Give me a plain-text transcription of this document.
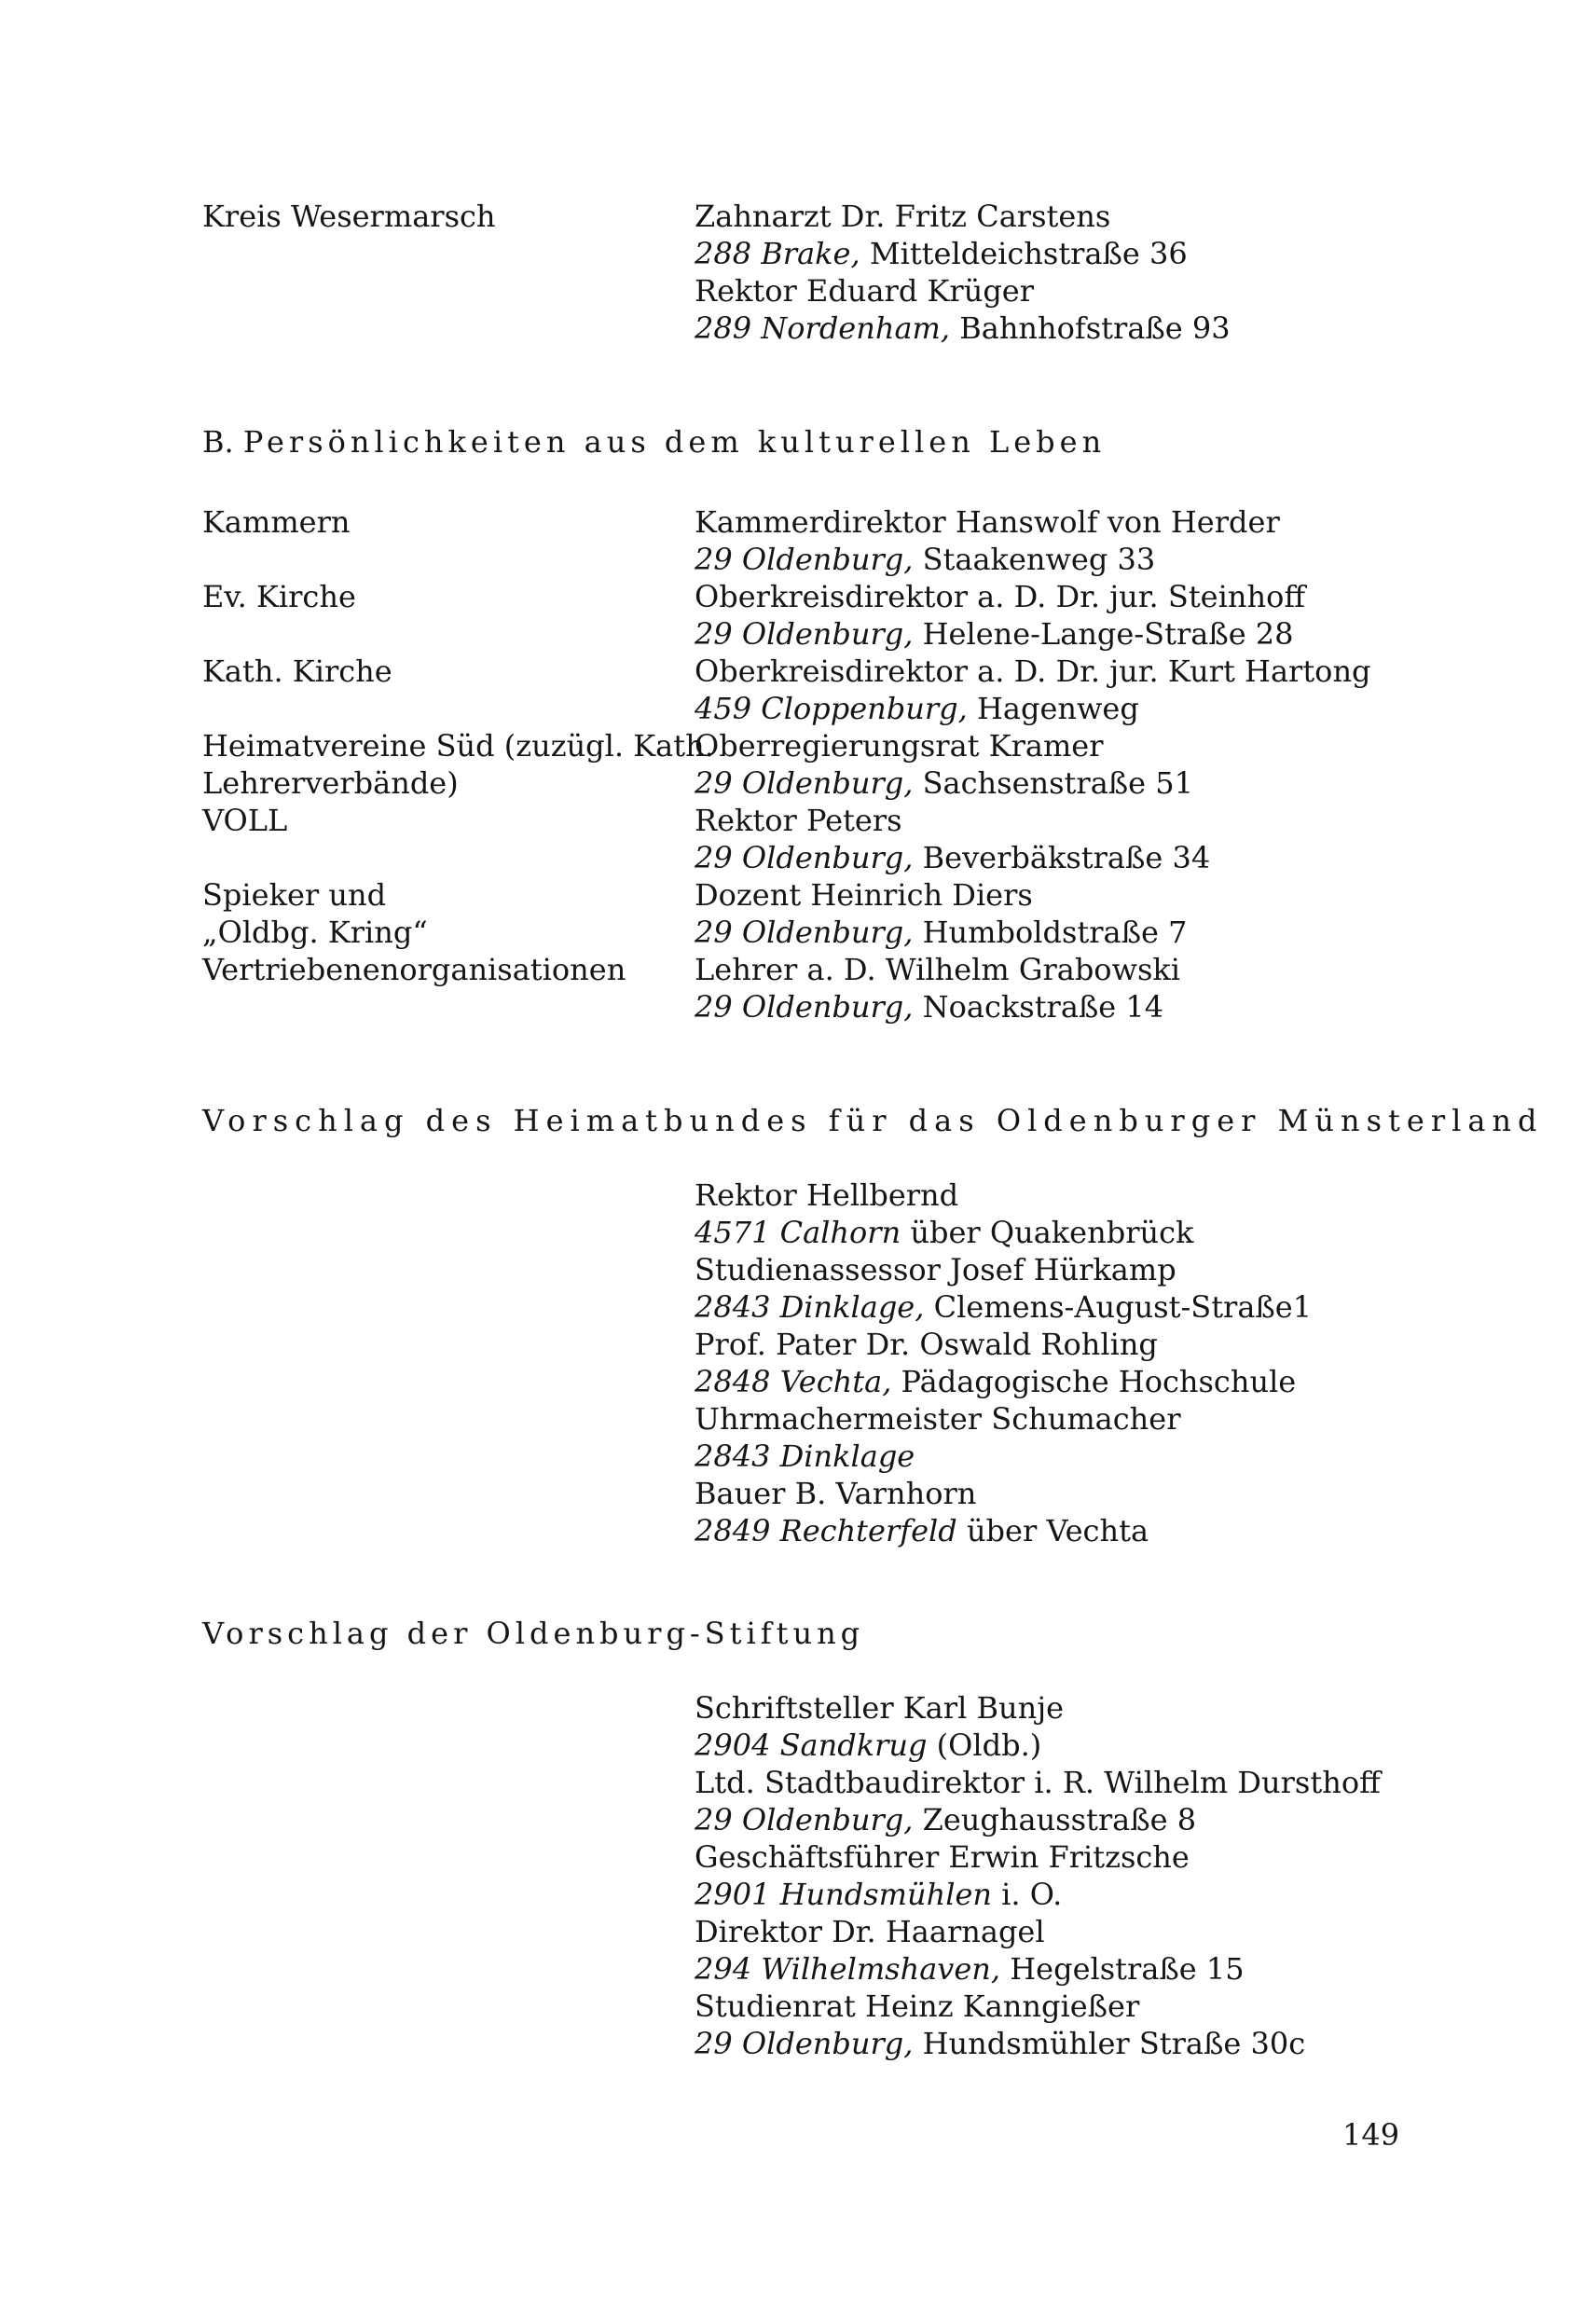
Kreis Wesermarsch	Zahnarzt Dr. Fritz Carstens
288 Brake, Mitteldeichstraße 36
Rektor Eduard Krüger
289 Nordenham, Bahnhofstraße 93
B. Persönlichkeiten aus dem kulturellen Leben
Kammern
Ev. Kirche
Kath. Kirche
Heimatvereine Süd (zuzügl. Kath.
Lehrerverbände)
VOLL
Spieker und
„Oldbg. Kring“
Vertriebenenorganisationen
Kammerdirektor Hanswolf von Herder
29 Oldenburg, Staakenweg 33
Oberkreisdirektor a. D. Dr. jur. Steinhoff
29 Oldenburg, Helene-Lange-Straße 28
Oberkreisdirektor a. D. Dr. jur. Kurt Hartong
459 Cloppenburg, Hagenweg
Oberregierungsrat Kramer
29 Oldenburg, Sachsenstraße 51
Rektor Peters
29 Oldenburg, Beverbäkstraße 34
Dozent Heinrich Diers
29 Oldenburg, Humboldstraße 7
Lehrer a. D. Wilhelm Grabowski
29 Oldenburg, Noackstraße 14
Vorschlag des Heimatbundes für das Oldenburger Münsterland
Rektor Hellbernd
4571 Calhorn über Quakenbrück
Studienassessor Josef Hürkamp
2843 Dinklage, Clemens-August-Straße1
Prof. Pater Dr. Oswald Rohling
2848 Vechta, Pädagogische Hochschule
Uhrmachermeister Schumacher
2843 Dinklage
Bauer B. Varnhorn
2849 Rechterfeld über Vechta
Vorschlag der Oldenburg-Stiftung
Schriftsteller Karl Bunje
2904 Sandkrug (Oldb.)
Ltd. Stadtbaudirektor i. R. Wilhelm Dursthoff
29 Oldenburg, Zeughausstraße 8
Geschäftsführer Erwin Fritzsche
2901 Hundsmühlen i. O.
Direktor Dr. Haarnagel
294 Wilhelmshaven, Hegelstraße 15
Studienrat Heinz Kanngießer
29 Oldenburg, Hundsmühler Straße 30c
149
